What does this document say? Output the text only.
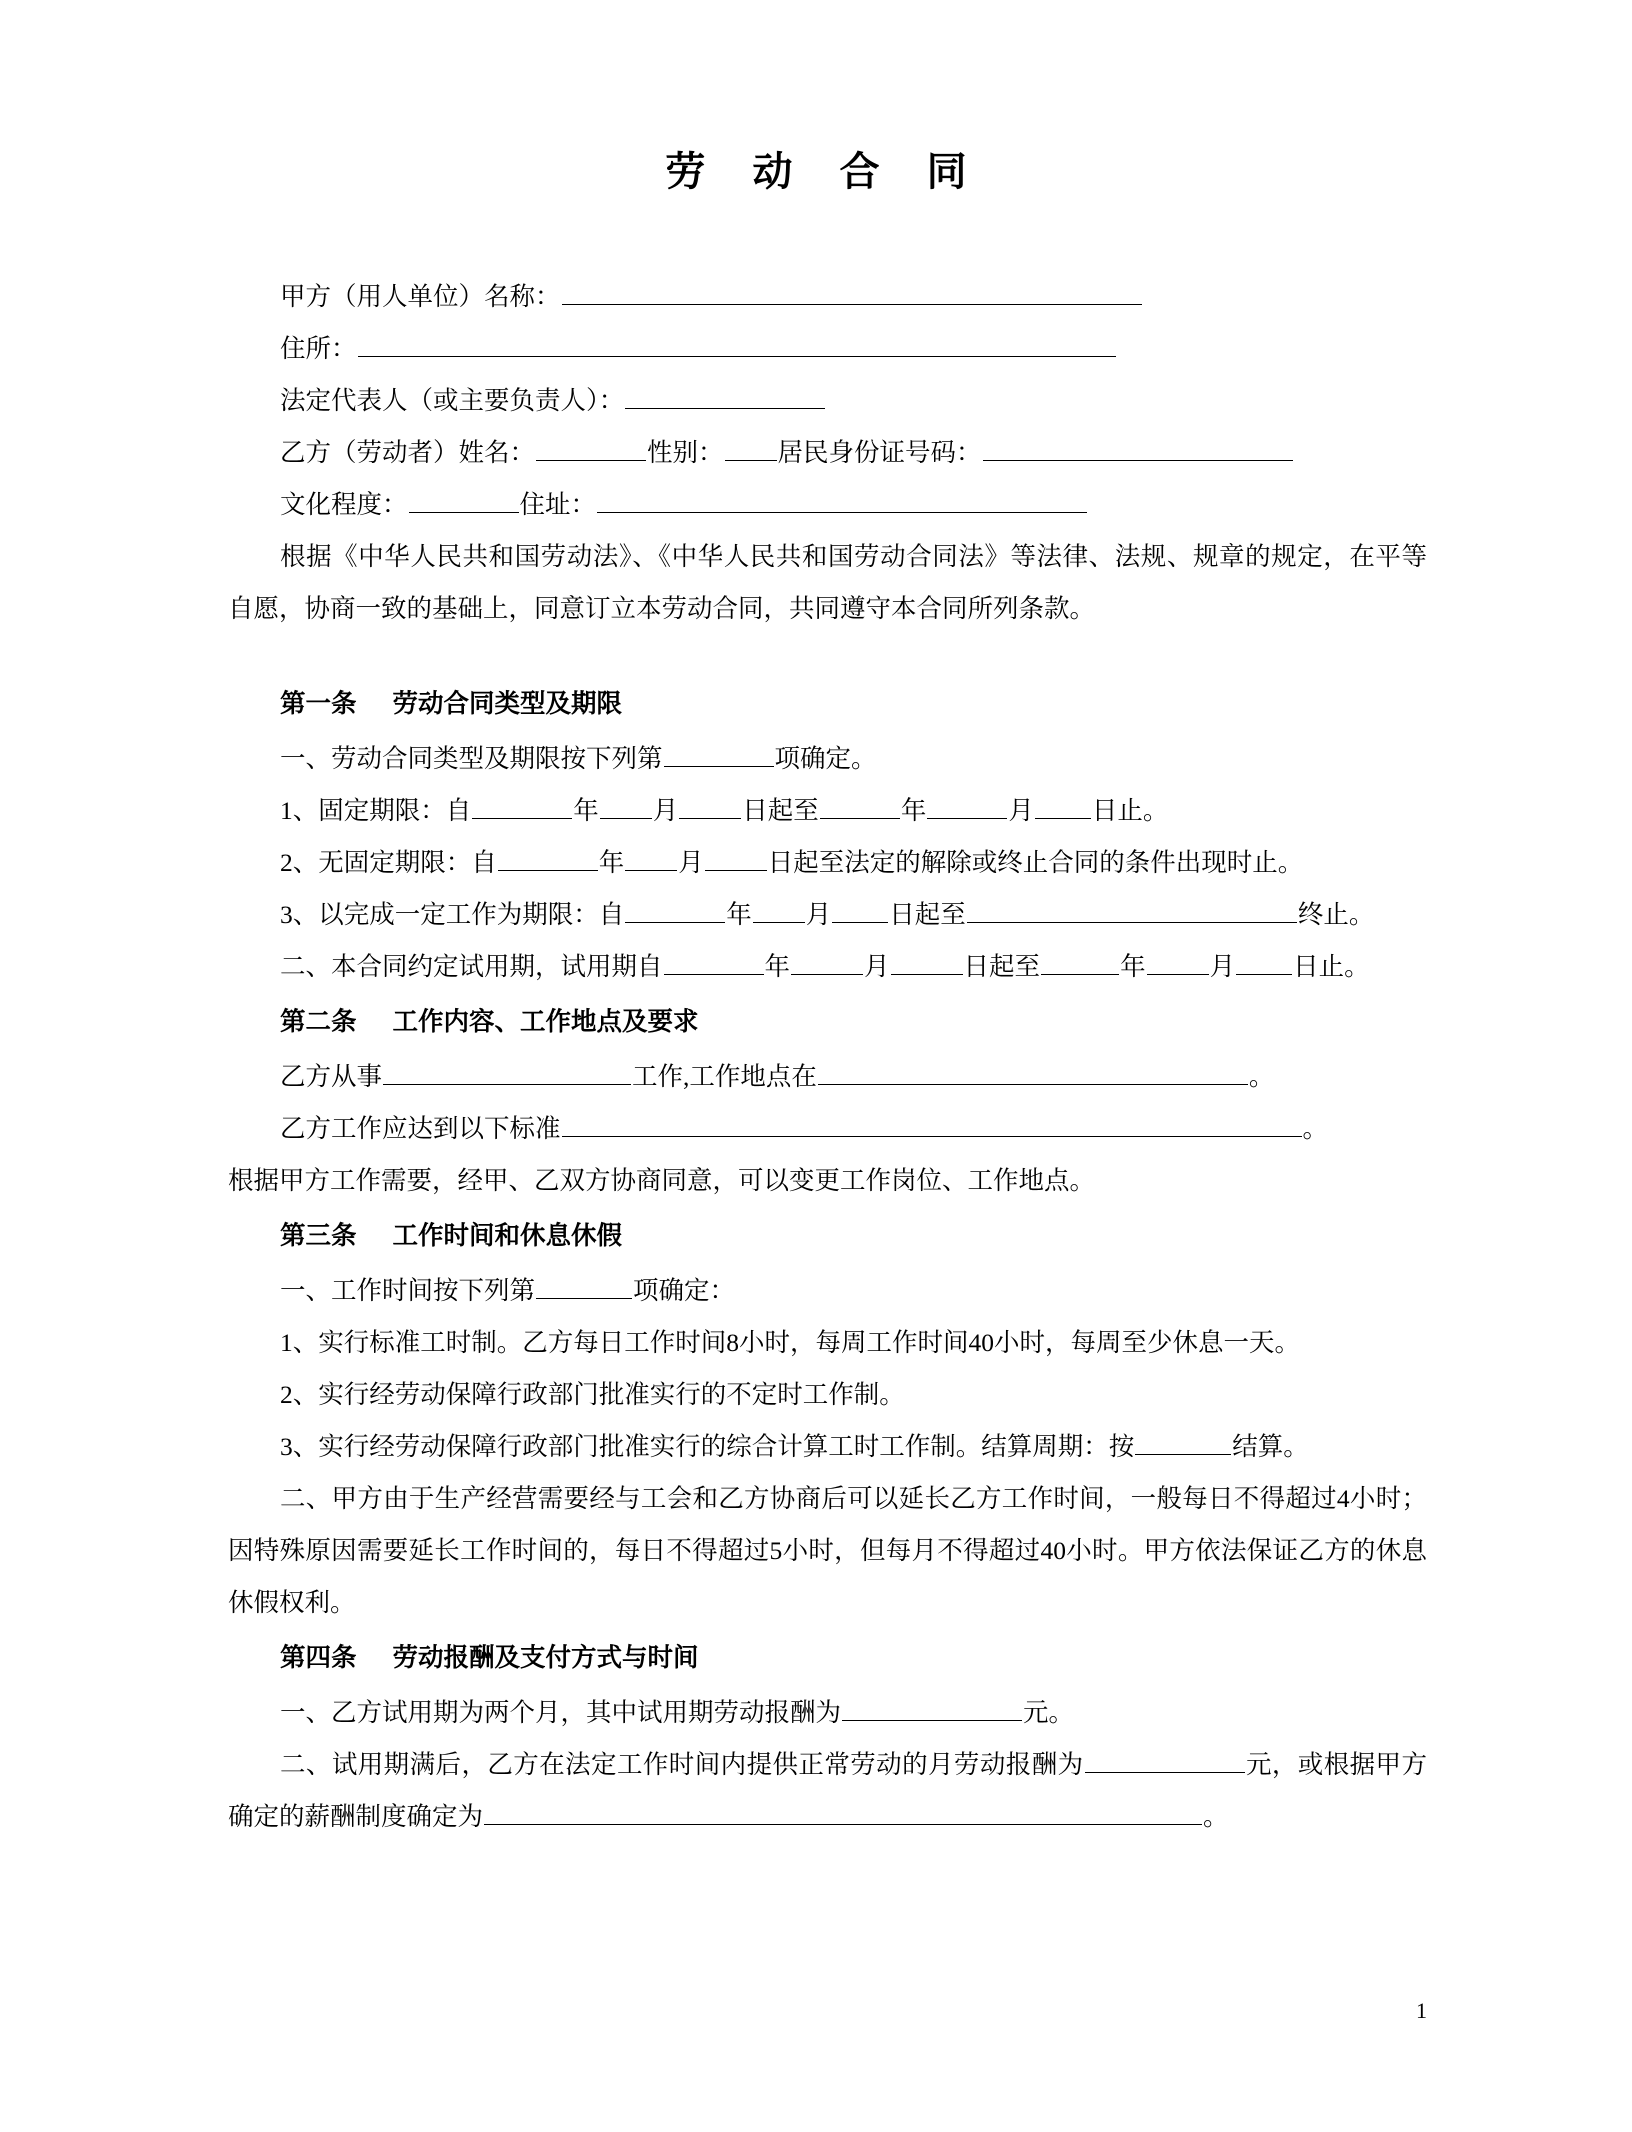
劳 动 合 同
甲方（用人单位）名称：
住所：
法定代表人（或主要负责人）：
乙方（劳动者）姓名：	性别： 居民身份证号码：
文化程度：	住址：
根据《中华人民共和国劳动法》、《中华人民共和国劳动合同法》等法律、法规、规章的规定，在平等自愿，协商一致的基础上，同意订立本劳动合同，共同遵守本合同所列条款。
第一条 劳动合同类型及期限
一、劳动合同类型及期限按下列第	项确定。
1、固定期限：自	年 月	日起至	年	月 日止。
2、无固定期限：自	年 月	日起至法定的解除或终止合同的条件出现时止。
3、以完成一定工作为期限：自	年 月 日起至	终止。
二、本合同约定试用期，试用期自	年	月	日起至	年	月 日止。
第二条 工作内容、工作地点及要求
乙方从事	工作,工作地点在	。
乙方工作应达到以下标准	。
根据甲方工作需要，经甲、乙双方协商同意，可以变更工作岗位、工作地点。
第三条 工作时间和休息休假
一、工作时间按下列第	项确定：
1、实行标准工时制。乙方每日工作时间8小时，每周工作时间40小时，每周至少休息一天。
2、实行经劳动保障行政部门批准实行的不定时工作制。
3、实行经劳动保障行政部门批准实行的综合计算工时工作制。结算周期：按	结算。
二、甲方由于生产经营需要经与工会和乙方协商后可以延长乙方工作时间，一般每日不得超过4小时；因特殊原因需要延长工作时间的，每日不得超过5小时，但每月不得超过40小时。甲方依法保证乙方的休息休假权利。
第四条 劳动报酬及支付方式与时间
一、乙方试用期为两个月，其中试用期劳动报酬为	元。
二、试用期满后，乙方在法定工作时间内提供正常劳动的月劳动报酬为	元，或根据甲方确定的薪酬制度确定为	。
1
